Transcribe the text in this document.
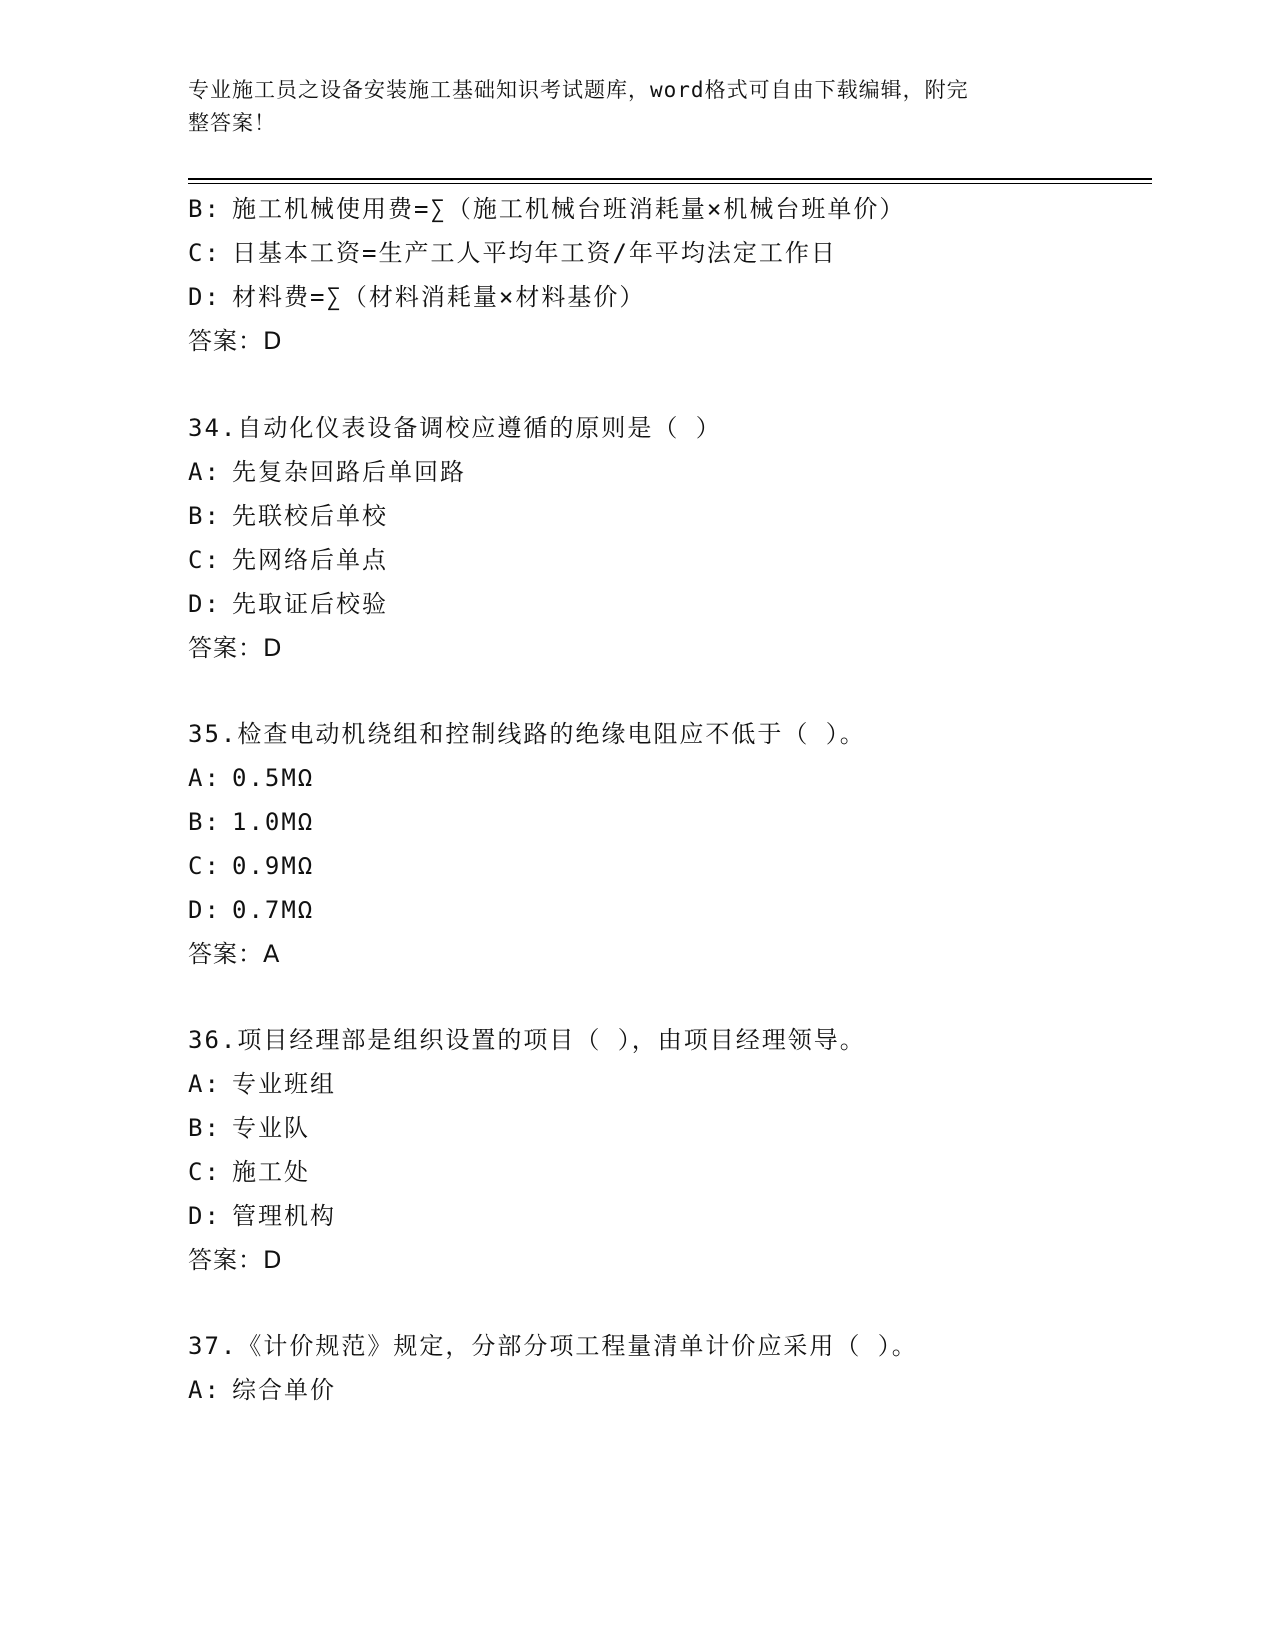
专业施工员之设备安装施工基础知识考试题库，word格式可自由下载编辑，附完
整答案！
B: 施工机械使用费=∑（施工机械台班消耗量×机械台班单价）
C: 日基本工资=生产工人平均年工资/年平均法定工作日
D: 材料费=∑（材料消耗量×材料基价）
答案：D
34.自动化仪表设备调校应遵循的原则是（ ）
A: 先复杂回路后单回路
B: 先联校后单校
C: 先网络后单点
D: 先取证后校验
答案：D
35.检查电动机绕组和控制线路的绝缘电阻应不低于（ ）。
A: 0.5MΩ
B: 1.0MΩ
C: 0.9MΩ
D: 0.7MΩ
答案：A
36.项目经理部是组织设置的项目（ ），由项目经理领导。
A: 专业班组
B: 专业队
C: 施工处
D: 管理机构
答案：D
37.《计价规范》规定，分部分项工程量清单计价应采用（ ）。
A: 综合单价
